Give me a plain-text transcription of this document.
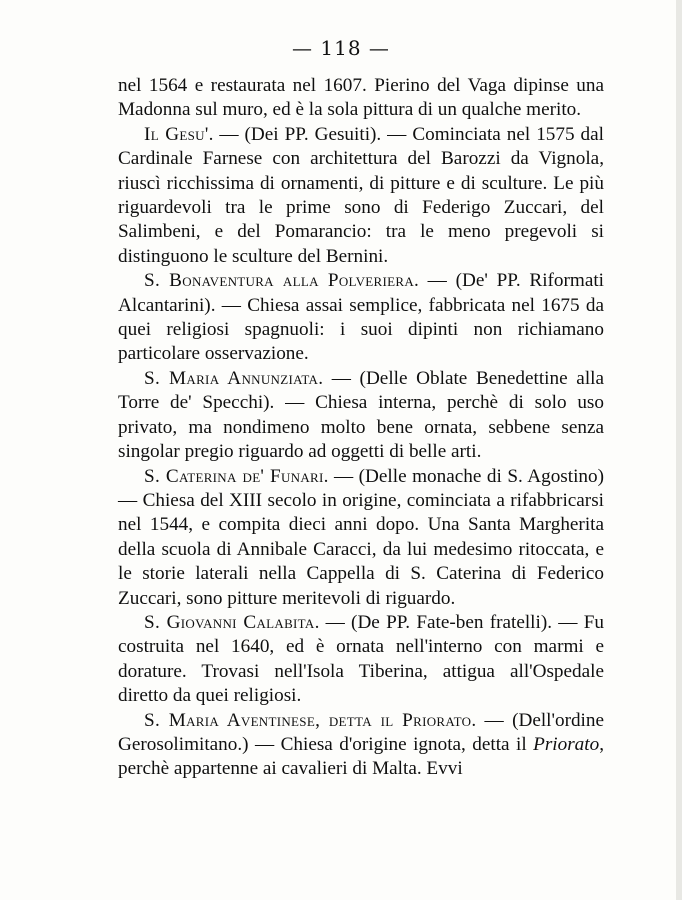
— 118 —

nel 1564 e restaurata nel 1607. Pierino del Vaga dipinse una Madonna sul muro, ed è la sola pittura di un qualche merito.

Il Gesu'. — (Dei PP. Gesuiti). — Cominciata nel 1575 dal Cardinale Farnese con architettura del Barozzi da Vignola, riuscì ricchissima di ornamenti, di pitture e di sculture. Le più riguardevoli tra le prime sono di Federigo Zuccari, del Salimbeni, e del Pomarancio: tra le meno pregevoli si distinguono le sculture del Bernini.

S. Bonaventura alla Polveriera. — (De' PP. Riformati Alcantarini). — Chiesa assai semplice, fabbricata nel 1675 da quei religiosi spagnuoli: i suoi dipinti non richiamano particolare osservazione.

S. Maria Annunziata. — (Delle Oblate Benedettine alla Torre de' Specchi). — Chiesa interna, perchè di solo uso privato, ma nondimeno molto bene ornata, sebbene senza singolar pregio riguardo ad oggetti di belle arti.

S. Caterina de' Funari. — (Delle monache di S. Agostino) — Chiesa del XIII secolo in origine, cominciata a rifabbricarsi nel 1544, e compita dieci anni dopo. Una Santa Margherita della scuola di Annibale Caracci, da lui medesimo ritoccata, e le storie laterali nella Cappella di S. Caterina di Federico Zuccari, sono pitture meritevoli di riguardo.

S. Giovanni Calabita. — (De PP. Fate-ben fratelli). — Fu costruita nel 1640, ed è ornata nell'interno con marmi e dorature. Trovasi nell'Isola Tiberina, attigua all'Ospedale diretto da quei religiosi.

S. Maria Aventinese, detta il Priorato. — (Dell'ordine Gerosolimitano.) — Chiesa d'origine ignota, detta il Priorato, perchè appartenne ai cavalieri di Malta. Evvi
